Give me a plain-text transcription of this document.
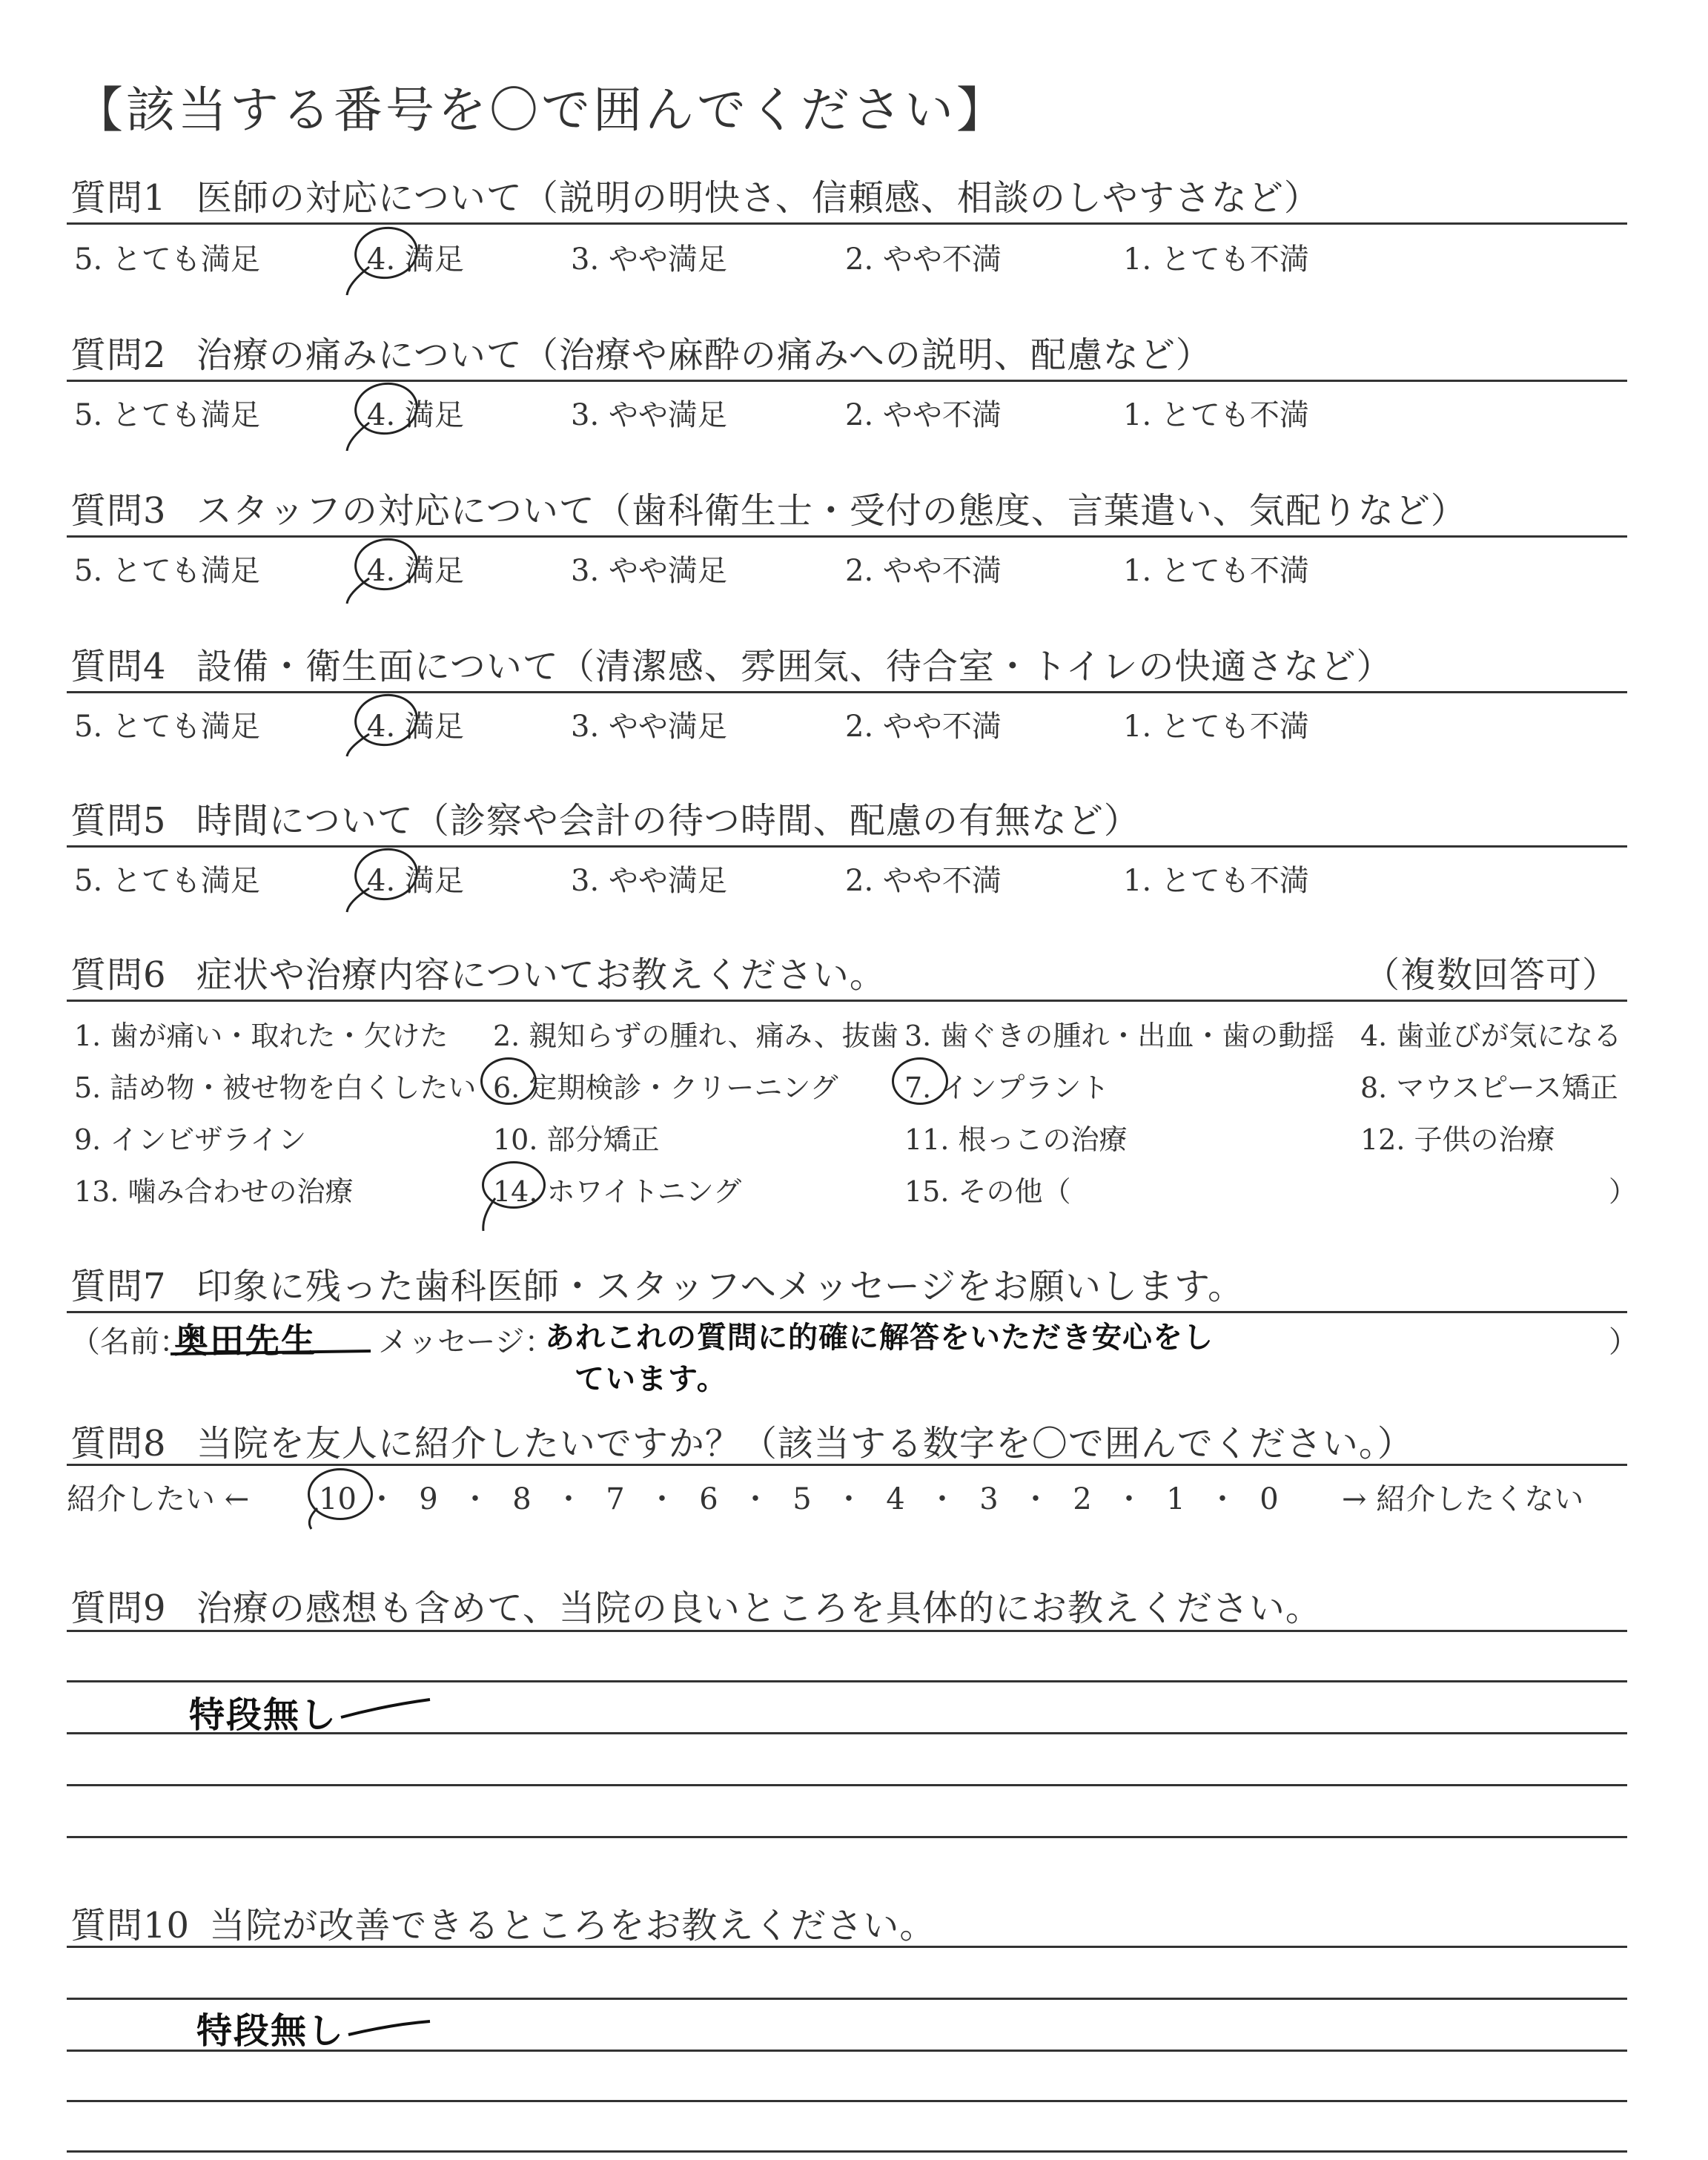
【該当する番号を〇で囲んでください】
質問1 医師の対応について（説明の明快さ、信頼感、相談のしやすさなど）
5. とても満足	4. 満足	3. やや満足	2. やや不満	1. とても不満
質問2 治療の痛みについて（治療や麻酔の痛みへの説明、配慮など）
5. とても満足	4. 満足	3. やや満足	2. やや不満	1. とても不満
質問3 スタッフの対応について（歯科衛生士・受付の態度、言葉遣い、気配りなど）
5. とても満足	4. 満足	3. やや満足	2. やや不満	1. とても不満
質問4 設備・衛生面について（清潔感、雰囲気、待合室・トイレの快適さなど）
5. とても満足	4. 満足	3. やや満足	2. やや不満	1. とても不満
質問5 時間について（診察や会計の待つ時間、配慮の有無など）
5. とても満足	4. 満足	3. やや満足	2. やや不満	1. とても不満
質問6 症状や治療内容についてお教えください。	（複数回答可）
1. 歯が痛い・取れた・欠けた 2. 親知らずの腫れ、痛み、抜歯 3. 歯ぐきの腫れ・出血・歯の動揺 4. 歯並びが気になる
5. 詰め物・被せ物を白くしたい 6. 定期検診・クリーニング 7. インプラント	8. マウスピース矯正
9. インビザライン	10. 部分矯正	11. 根っこの治療	12. 子供の治療
13. 噛み合わせの治療	14. ホワイトニング	15. その他（	）
質問7 印象に残った歯科医師・スタッフへメッセージをお願いします。
（名前：
奥田先生 メッセージ：
あれこれの質問に的確に解答をいただき安心をし
ています。
）
質問8 当院を友人に紹介したいですか？（該当する数字を〇で囲んでください。）
紹介したい ← 10 ・ 9 ・ 8 ・ 7 ・ 6 ・ 5 ・ 4 ・ 3 ・ 2 ・ 1 ・ 0 → 紹介したくない
質問9 治療の感想も含めて、当院の良いところを具体的にお教えください。
特段無し
質問10 当院が改善できるところをお教えください。
特段無し
